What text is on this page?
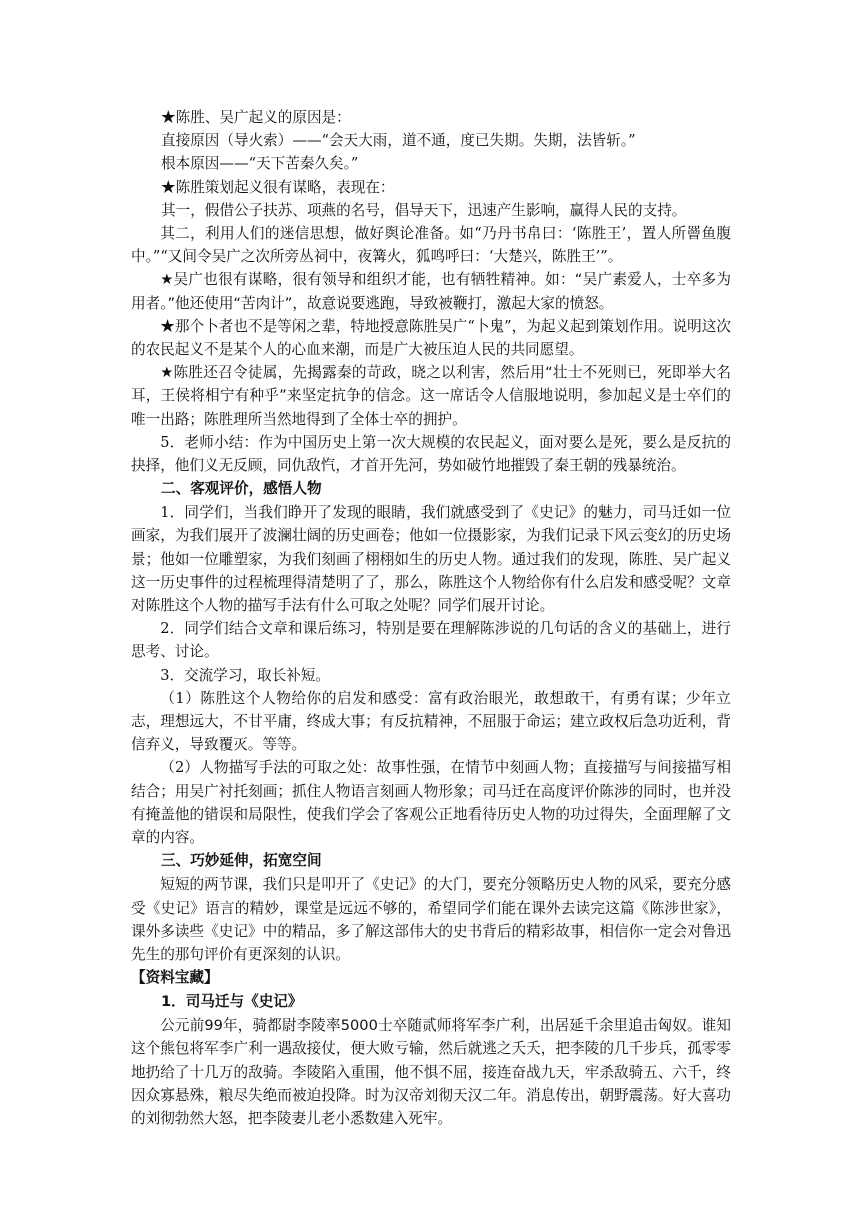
★陈胜、吴广起义的原因是：

直接原因（导火索）——“会天大雨，道不通，度已失期。失期，法皆斩。”

根本原因——“天下苦秦久矣。”

★陈胜策划起义很有谋略，表现在：

其一，假借公子扶苏、项燕的名号，倡导天下，迅速产生影响，赢得人民的支持。

其二，利用人们的迷信思想，做好舆论准备。如“乃丹书帛曰：‘陈胜王’，置人所罾鱼腹中。”“又间令吴广之次所旁丛祠中，夜篝火，狐鸣呼曰：‘大楚兴，陈胜王’”。

★吴广也很有谋略，很有领导和组织才能，也有牺牲精神。如：“吴广素爱人，士卒多为用者。”他还使用“苦肉计”，故意说要逃跑，导致被鞭打，激起大家的愤怒。

★那个卜者也不是等闲之辈，特地授意陈胜吴广“卜鬼”，为起义起到策划作用。说明这次的农民起义不是某个人的心血来潮，而是广大被压迫人民的共同愿望。

★陈胜还召令徒属，先揭露秦的苛政，晓之以利害，然后用“壮士不死则已，死即举大名耳，王侯将相宁有种乎”来坚定抗争的信念。这一席话令人信服地说明，参加起义是士卒们的唯一出路；陈胜理所当然地得到了全体士卒的拥护。

5．老师小结：作为中国历史上第一次大规模的农民起义，面对要么是死，要么是反抗的抉择，他们义无反顾，同仇敌忾，才首开先河，势如破竹地摧毁了秦王朝的残暴统治。

二、客观评价，感悟人物

1．同学们，当我们睁开了发现的眼睛，我们就感受到了《史记》的魅力，司马迁如一位画家，为我们展开了波澜壮阔的历史画卷；他如一位摄影家，为我们记录下风云变幻的历史场景；他如一位雕塑家，为我们刻画了栩栩如生的历史人物。通过我们的发现，陈胜、吴广起义这一历史事件的过程梳理得清楚明了了，那么，陈胜这个人物给你有什么启发和感受呢？文章对陈胜这个人物的描写手法有什么可取之处呢？同学们展开讨论。

2．同学们结合文章和课后练习，特别是要在理解陈涉说的几句话的含义的基础上，进行思考、讨论。

3．交流学习，取长补短。

（1）陈胜这个人物给你的启发和感受：富有政治眼光，敢想敢干，有勇有谋；少年立志，理想远大，不甘平庸，终成大事；有反抗精神，不屈服于命运；建立政权后急功近利，背信弃义，导致覆灭。等等。

（2）人物描写手法的可取之处：故事性强，在情节中刻画人物；直接描写与间接描写相结合；用吴广衬托刻画；抓住人物语言刻画人物形象；司马迁在高度评价陈涉的同时，也并没有掩盖他的错误和局限性，使我们学会了客观公正地看待历史人物的功过得失，全面理解了文章的内容。

三、巧妙延伸，拓宽空间

短短的两节课，我们只是叩开了《史记》的大门，要充分领略历史人物的风采，要充分感受《史记》语言的精妙，课堂是远远不够的，希望同学们能在课外去读完这篇《陈涉世家》，课外多读些《史记》中的精品，多了解这部伟大的史书背后的精彩故事，相信你一定会对鲁迅先生的那句评价有更深刻的认识。

【资料宝藏】

1．司马迁与《史记》

公元前99年，骑都尉李陵率5000士卒随贰师将军李广利，出居延千余里追击匈奴。谁知这个熊包将军李广利一遇敌接仗，便大败亏输，然后就逃之夭夭，把李陵的几千步兵，孤零零地扔给了十几万的敌骑。李陵陷入重围，他不惧不屈，接连奋战九天，牢杀敌骑五、六千，终因众寡悬殊，粮尽失绝而被迫投降。时为汉帝刘彻天汉二年。消息传出，朝野震荡。好大喜功的刘彻勃然大怒，把李陵妻儿老小悉数建入死牢。
